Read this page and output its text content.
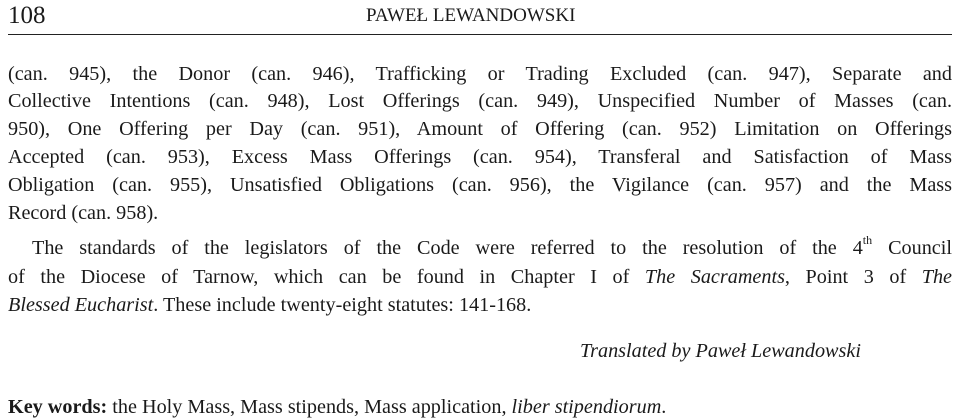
108	PAWEŁ LEWANDOWSKI
(can. 945), the Donor (can. 946), Trafficking or Trading Excluded (can. 947), Separate and
Collective Intentions (can. 948), Lost Offerings (can. 949), Unspecified Number of Masses (can.
950), One Offering per Day (can. 951), Amount of Offering (can. 952) Limitation on Offerings
Accepted (can. 953), Excess Mass Offerings (can. 954), Transferal and Satisfaction of Mass
Obligation (can. 955), Unsatisfied Obligations (can. 956), the Vigilance (can. 957) and the Mass
Record (can. 958).
The standards of the legislators of the Code were referred to the resolution of the 4th Council
of the Diocese of Tarnow, which can be found in Chapter I of The Sacraments, Point 3 of The
Blessed Eucharist. These include twenty-eight statutes: 141-168.
Translated by Paweł Lewandowski
Key words: the Holy Mass, Mass stipends, Mass application, liber stipendiorum.
